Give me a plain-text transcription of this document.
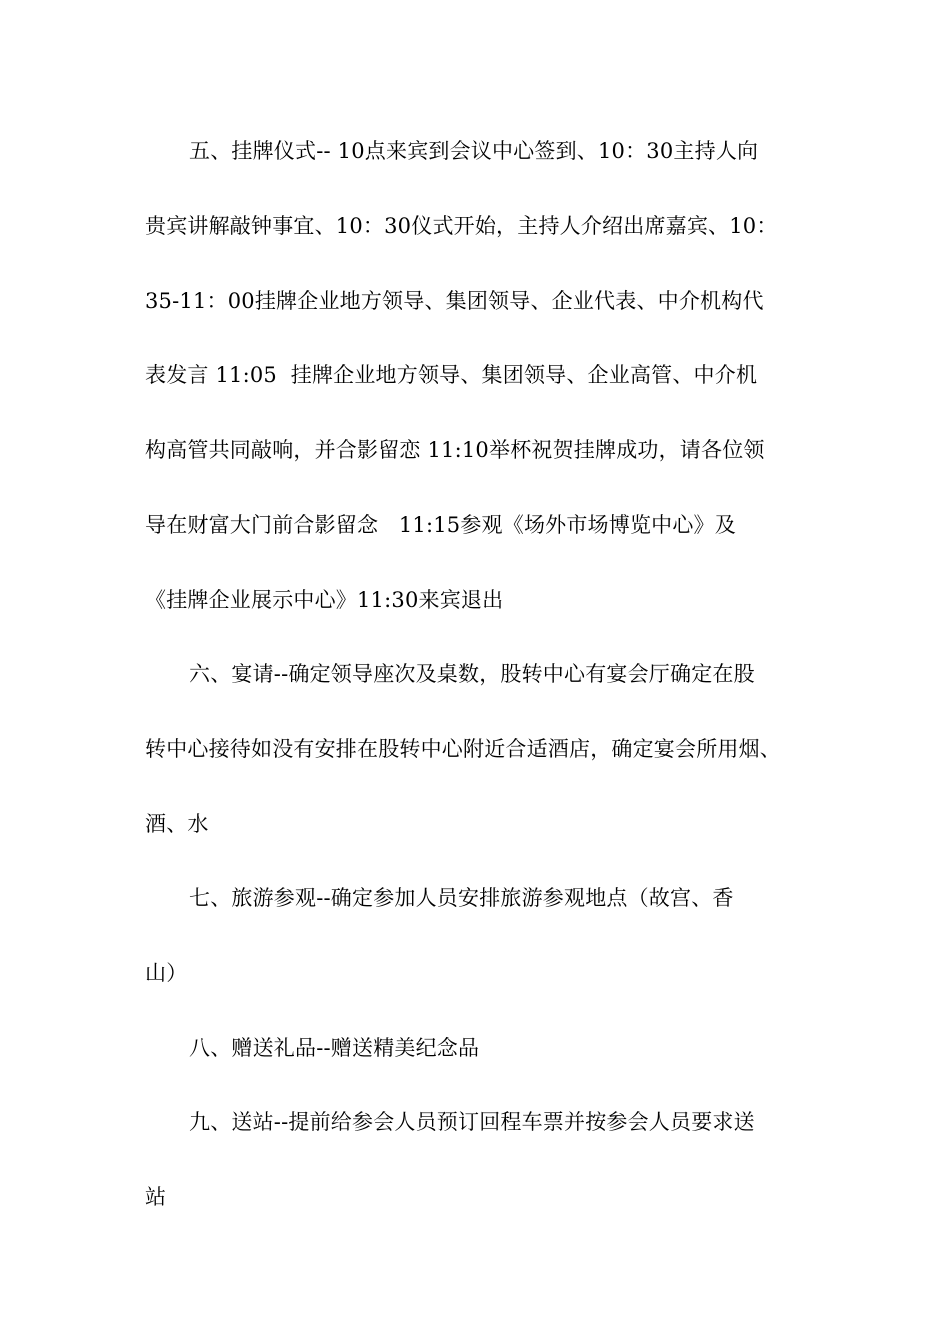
五、挂牌仪式-- 10点来宾到会议中心签到、10：30主持人向
贵宾讲解敲钟事宜、10：30仪式开始，主持人介绍出席嘉宾、10：
35-11：00挂牌企业地方领导、集团领导、企业代表、中介机构代
表发言 11:05  挂牌企业地方领导、集团领导、企业高管、中介机
构高管共同敲响，并合影留恋 11:10举杯祝贺挂牌成功，请各位领
导在财富大门前合影留念   11:15参观《场外市场博览中心》及
《挂牌企业展示中心》11:30来宾退出
六、宴请--确定领导座次及桌数，股转中心有宴会厅确定在股
转中心接待如没有安排在股转中心附近合适酒店，确定宴会所用烟、
酒、水
七、旅游参观--确定参加人员安排旅游参观地点（故宫、香
山）
八、赠送礼品--赠送精美纪念品
九、送站--提前给参会人员预订回程车票并按参会人员要求送
站
